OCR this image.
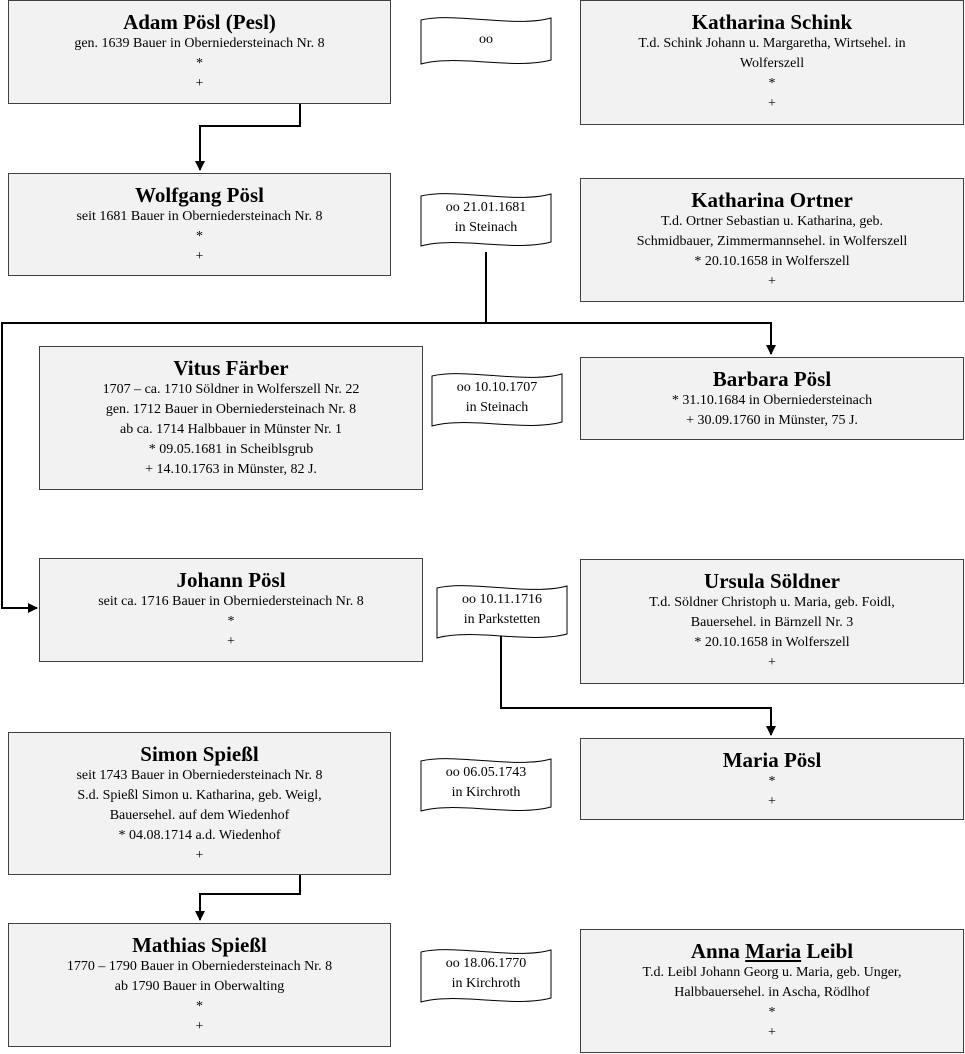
Adam Pösl (Pesl)
gen. 1639 Bauer in Oberniedersteinach Nr. 8
*
+
oo
Katharina Schink
T.d. Schink Johann u. Margaretha, Wirtsehel. in
Wolferszell
*
+
Wolfgang Pösl
seit 1681 Bauer in Oberniedersteinach Nr. 8
*
+
oo 21.01.1681
in Steinach
Katharina Ortner
T.d. Ortner Sebastian u. Katharina, geb.
Schmidbauer, Zimmermannsehel. in Wolferszell
* 20.10.1658 in Wolferszell
+
Vitus Färber
1707 – ca. 1710 Söldner in Wolferszell Nr. 22
gen. 1712 Bauer in Oberniedersteinach Nr. 8
ab ca. 1714 Halbbauer in Münster Nr. 1
* 09.05.1681 in Scheiblsgrub
+ 14.10.1763 in Münster, 82 J.
oo 10.10.1707
in Steinach
Barbara Pösl
* 31.10.1684 in Oberniedersteinach
+ 30.09.1760 in Münster, 75 J.
Johann Pösl
seit ca. 1716 Bauer in Oberniedersteinach Nr. 8
*
+
oo 10.11.1716
in Parkstetten
Ursula Söldner
T.d. Söldner Christoph u. Maria, geb. Foidl,
Bauersehel. in Bärnzell Nr. 3
* 20.10.1658 in Wolferszell
+
Simon Spießl
seit 1743 Bauer in Oberniedersteinach Nr. 8
S.d. Spießl Simon u. Katharina, geb. Weigl,
Bauersehel. auf dem Wiedenhof
* 04.08.1714 a.d. Wiedenhof
+
oo 06.05.1743
in Kirchroth
Maria Pösl
*
+
Mathias Spießl
1770 – 1790 Bauer in Oberniedersteinach Nr. 8
ab 1790 Bauer in Oberwalting
*
+
oo 18.06.1770
in Kirchroth
Anna Maria Leibl
T.d. Leibl Johann Georg u. Maria, geb. Unger,
Halbbauersehel. in Ascha, Rödlhof
*
+
